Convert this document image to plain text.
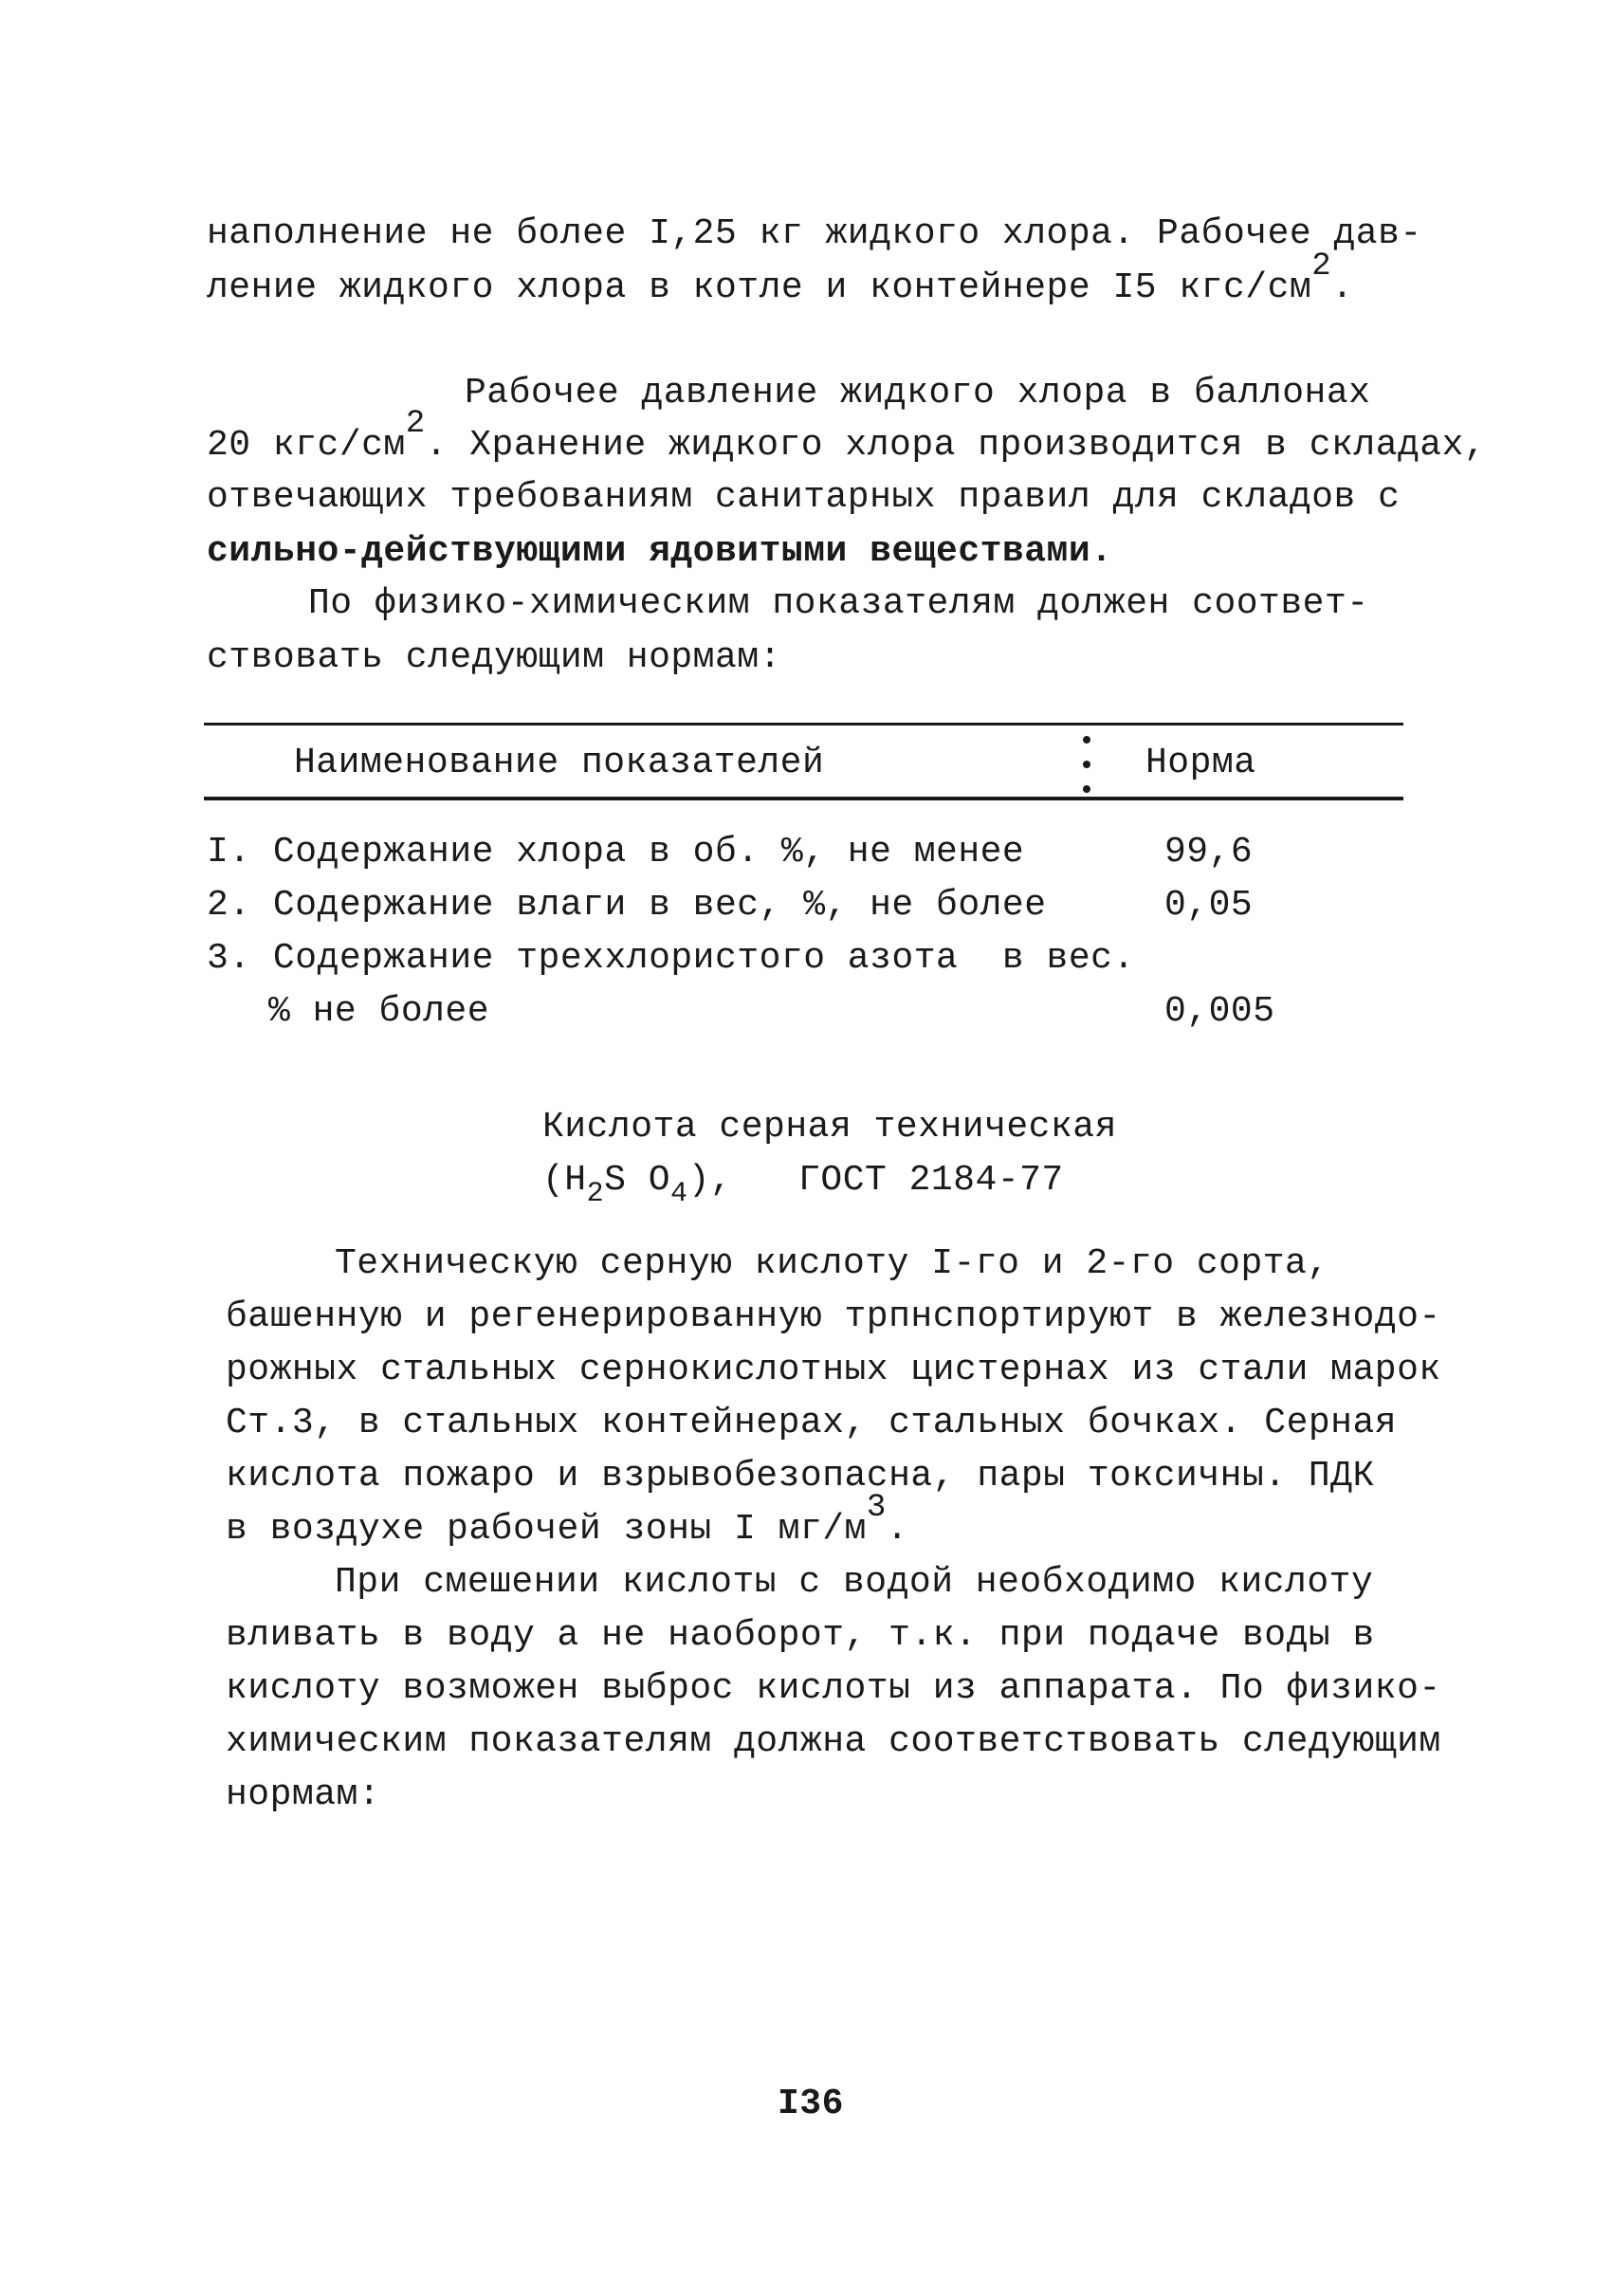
наполнение не более I,25 кг жидкого хлора. Рабочее дав-
ление жидкого хлора в котле и контейнере I5 кгс/см2.
Рабочее давление жидкого хлора в баллонах
20 кгс/см2. Хранение жидкого хлора производится в складах,
отвечающих требованиям санитарных правил для складов с
сильно-действующими ядовитыми веществами.
По физико-химическим показателям должен соответ-
ствовать следующим нормам:
Наименование показателей	Норма
I. Содержание хлора в об. %, не менее	99,6
2. Содержание влаги в вес, %, не более	0,05
3. Содержание треххлористого азота  в вес.
% не более	0,005
Кислота серная техническая
($H_2S$ $O_4$), ГОСТ 2184-77
Техническую серную кислоту I-го и 2-го сорта,
башенную и регенерированную трпнспортируют в железнодо-
рожных стальных сернокислотных цистернах из стали марок
Ст.3, в стальных контейнерах, стальных бочках. Серная
кислота пожаро и взрывобезопасна, пары токсичны. ПДК
в воздухе рабочей зоны I мг/м3.
При смешении кислоты с водой необходимо кислоту
вливать в воду а не наоборот, т.к. при подаче воды в
кислоту возможен выброс кислоты из аппарата. По физико-
химическим показателям должна соответствовать следующим
нормам:
I36
